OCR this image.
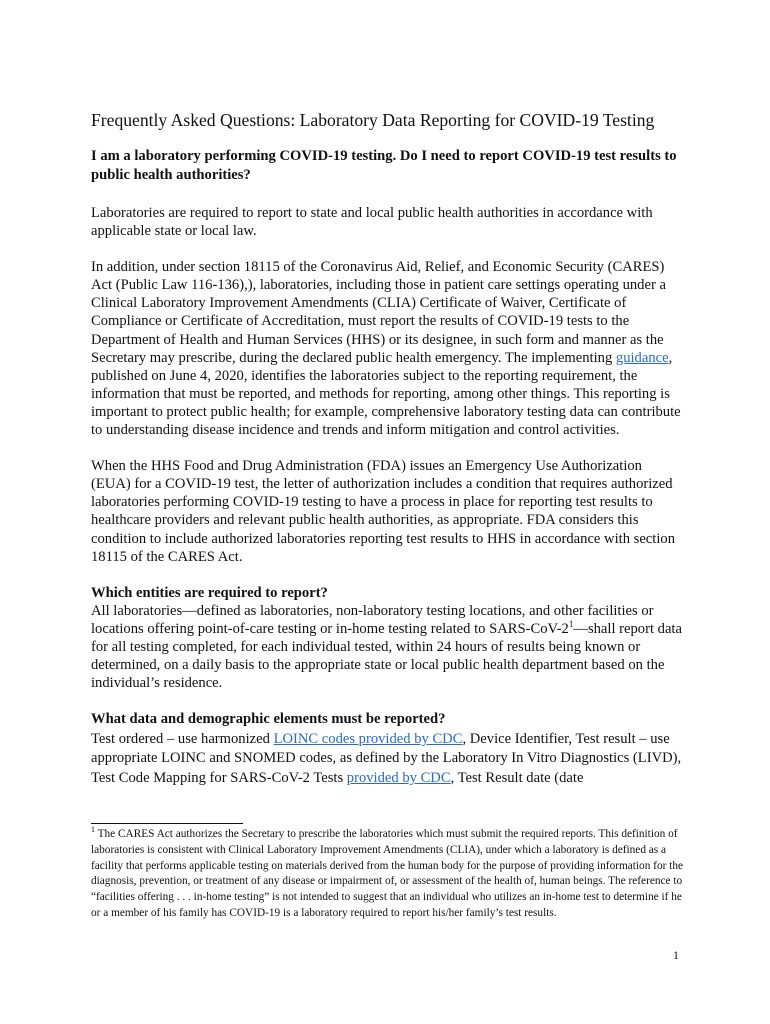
Frequently Asked Questions: Laboratory Data Reporting for COVID-19 Testing

I am a laboratory performing COVID-19 testing. Do I need to report COVID-19 test results to public health authorities?

Laboratories are required to report to state and local public health authorities in accordance with applicable state or local law.

In addition, under section 18115 of the Coronavirus Aid, Relief, and Economic Security (CARES) Act (Public Law 116-136),), laboratories, including those in patient care settings operating under a Clinical Laboratory Improvement Amendments (CLIA) Certificate of Waiver, Certificate of Compliance or Certificate of Accreditation, must report the results of COVID-19 tests to the Department of Health and Human Services (HHS) or its designee, in such form and manner as the Secretary may prescribe, during the declared public health emergency. The implementing guidance, published on June 4, 2020, identifies the laboratories subject to the reporting requirement, the information that must be reported, and methods for reporting, among other things. This reporting is important to protect public health; for example, comprehensive laboratory testing data can contribute to understanding disease incidence and trends and inform mitigation and control activities.

When the HHS Food and Drug Administration (FDA) issues an Emergency Use Authorization (EUA) for a COVID-19 test, the letter of authorization includes a condition that requires authorized laboratories performing COVID-19 testing to have a process in place for reporting test results to healthcare providers and relevant public health authorities, as appropriate. FDA considers this condition to include authorized laboratories reporting test results to HHS in accordance with section 18115 of the CARES Act.

Which entities are required to report?
All laboratories—defined as laboratories, non-laboratory testing locations, and other facilities or locations offering point-of-care testing or in-home testing related to SARS-$CoV-2^1—shall$ report data for all testing completed, for each individual tested, within 24 hours of results being known or determined, on a daily basis to the appropriate state or local public health department based on the individual’s residence.
What data and demographic elements must be reported?
Test ordered – use harmonized LOINC codes provided by CDC, Device Identifier, Test result – use appropriate LOINC and SNOMED codes, as defined by the Laboratory In Vitro Diagnostics (LIVD), Test Code Mapping for SARS-CoV-2 Tests provided by CDC, Test Result date (date
$^1$ The CARES Act authorizes the Secretary to prescribe the laboratories which must submit the required reports. This definition of laboratories is consistent with Clinical Laboratory Improvement Amendments (CLIA), under which a laboratory is defined as a facility that performs applicable testing on materials derived from the human body for the purpose of providing information for the diagnosis, prevention, or treatment of any disease or impairment of, or assessment of the health of, human beings. The reference to “facilities offering . . . in-home testing” is not intended to suggest that an individual who utilizes an in-home test to determine if he or a member of his family has COVID-19 is a laboratory required to report his/her family’s test results.
1
